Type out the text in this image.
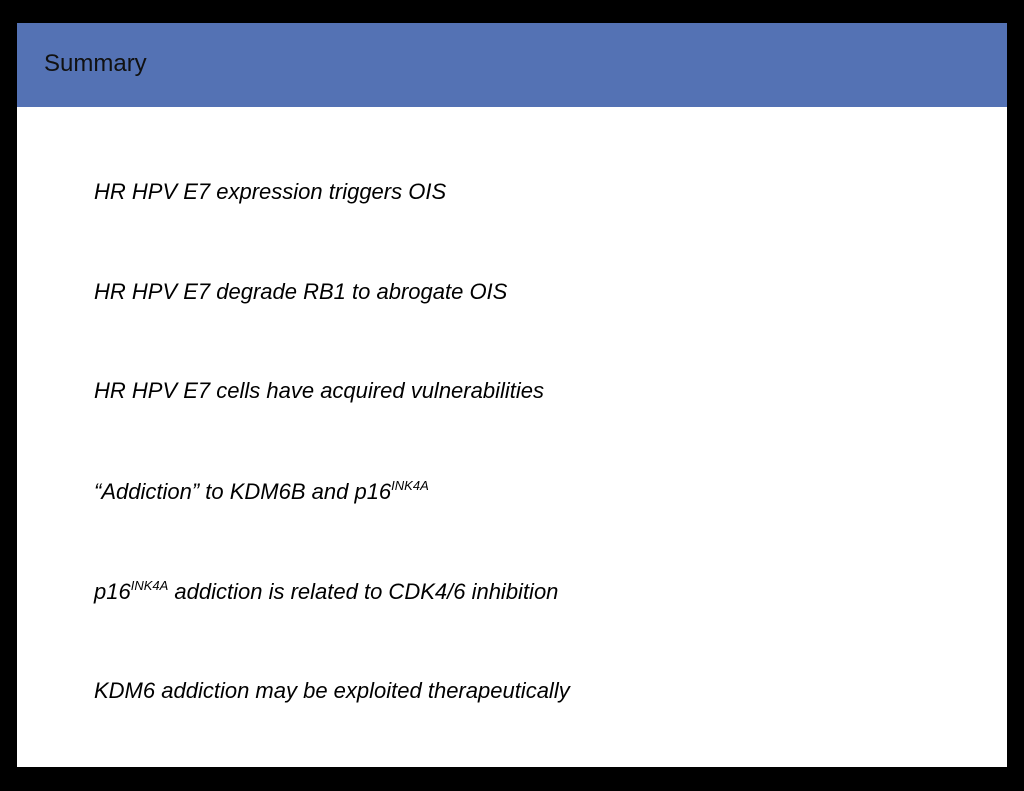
Summary
HR HPV E7 expression triggers OIS
HR HPV E7 degrade RB1 to abrogate OIS
HR HPV E7 cells have acquired vulnerabilities
“Addiction” to KDM6B and $p16^{INK4A}$
$p16^{INK4A}$ addiction is related to CDK4/6 inhibition
KDM6 addiction may be exploited therapeutically
